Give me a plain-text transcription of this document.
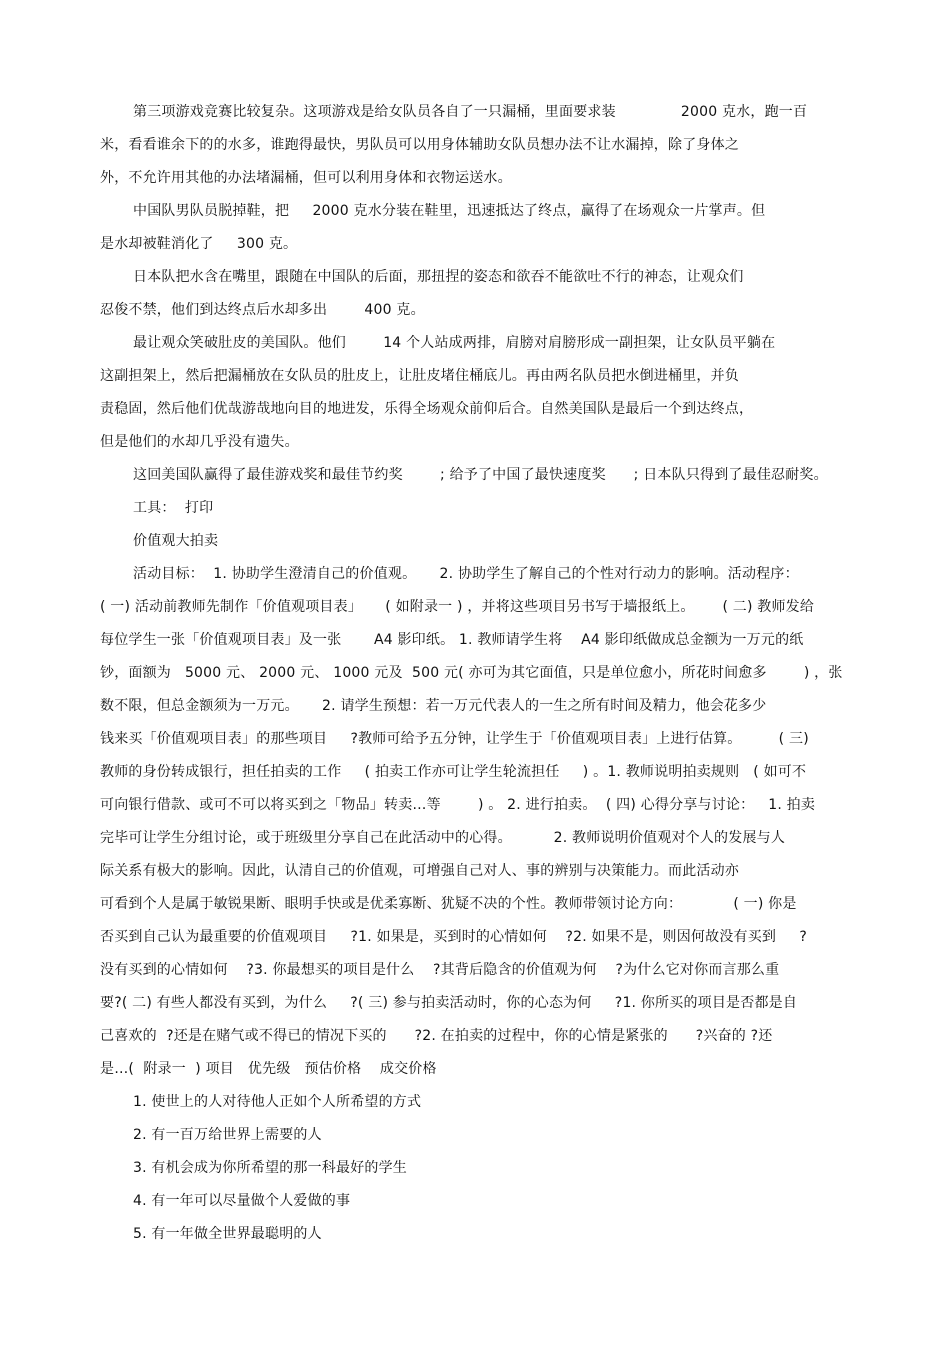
第三项游戏竞赛比较复杂。这项游戏是给女队员各自了一只漏桶，里面要求装              2000 克水，跑一百

米，看看谁余下的的水多，谁跑得最快，男队员可以用身体辅助女队员想办法不让水漏掉，除了身体之

外，不允许用其他的办法堵漏桶，但可以利用身体和衣物运送水。

中国队男队员脱掉鞋，把     2000 克水分装在鞋里，迅速抵达了终点，赢得了在场观众一片掌声。但

是水却被鞋消化了     300 克。

日本队把水含在嘴里，跟随在中国队的后面，那扭捏的姿态和欲吞不能欲吐不行的神态，让观众们

忍俊不禁，他们到达终点后水却多出        400 克。

最让观众笑破肚皮的美国队。他们        14 个人站成两排，肩膀对肩膀形成一副担架，让女队员平躺在

这副担架上，然后把漏桶放在女队员的肚皮上，让肚皮堵住桶底儿。再由两名队员把水倒进桶里，并负

责稳固，然后他们优哉游哉地向目的地进发，乐得全场观众前仰后合。自然美国队是最后一个到达终点，

但是他们的水却几乎没有遗失。

这回美国队赢得了最佳游戏奖和最佳节约奖        ; 给予了中国了最快速度奖      ; 日本队只得到了最佳忍耐奖。

工具：  打印

价值观大拍卖

活动目标：  1. 协助学生澄清自己的价值观。     2. 协助学生了解自己的个性对行动力的影响。活动程序：

( 一) 活动前教师先制作「价值观项目表」     ( 如附录一 ) ，并将这些项目另书写于墙报纸上。      ( 二) 教师发给

每位学生一张「价值观项目表」及一张       A4 影印纸。 1. 教师请学生将    A4 影印纸做成总金额为一万元的纸

钞，面额为   5000 元、 2000 元、 1000 元及  500 元( 亦可为其它面值，只是单位愈小，所花时间愈多        ) ，张

数不限，但总金额须为一万元。     2. 请学生预想：若一万元代表人的一生之所有时间及精力，他会花多少

钱来买「价值观项目表」的那些项目     ?教师可给予五分钟，让学生于「价值观项目表」上进行估算。        ( 三)

教师的身份转成银行，担任拍卖的工作     ( 拍卖工作亦可让学生轮流担任     ) 。1. 教师说明拍卖规则   ( 如可不

可向银行借款、或可不可以将买到之「物品」转卖…等        ) 。 2. 进行拍卖。  ( 四) 心得分享与讨论：   1. 拍卖

完毕可让学生分组讨论，或于班级里分享自己在此活动中的心得。         2. 教师说明价值观对个人的发展与人

际关系有极大的影响。因此，认清自己的价值观，可增强自己对人、事的辨别与决策能力。而此活动亦

可看到个人是属于敏锐果断、眼明手快或是优柔寡断、犹疑不决的个性。教师带领讨论方向：           ( 一) 你是

否买到自己认为最重要的价值观项目     ?1. 如果是，买到时的心情如何    ?2. 如果不是，则因何故没有买到     ?

没有买到的心情如何    ?3. 你最想买的项目是什么    ?其背后隐含的价值观为何    ?为什么它对你而言那么重

要?( 二) 有些人都没有买到，为什么     ?( 三) 参与拍卖活动时，你的心态为何     ?1. 你所买的项目是否都是自

己喜欢的  ?还是在赌气或不得已的情况下买的      ?2. 在拍卖的过程中，你的心情是紧张的      ?兴奋的 ?还

是…(  附录一  ) 项目   优先级   预估价格    成交价格

1. 使世上的人对待他人正如个人所希望的方式

2. 有一百万给世界上需要的人

3. 有机会成为你所希望的那一科最好的学生

4. 有一年可以尽量做个人爱做的事

5. 有一年做全世界最聪明的人
